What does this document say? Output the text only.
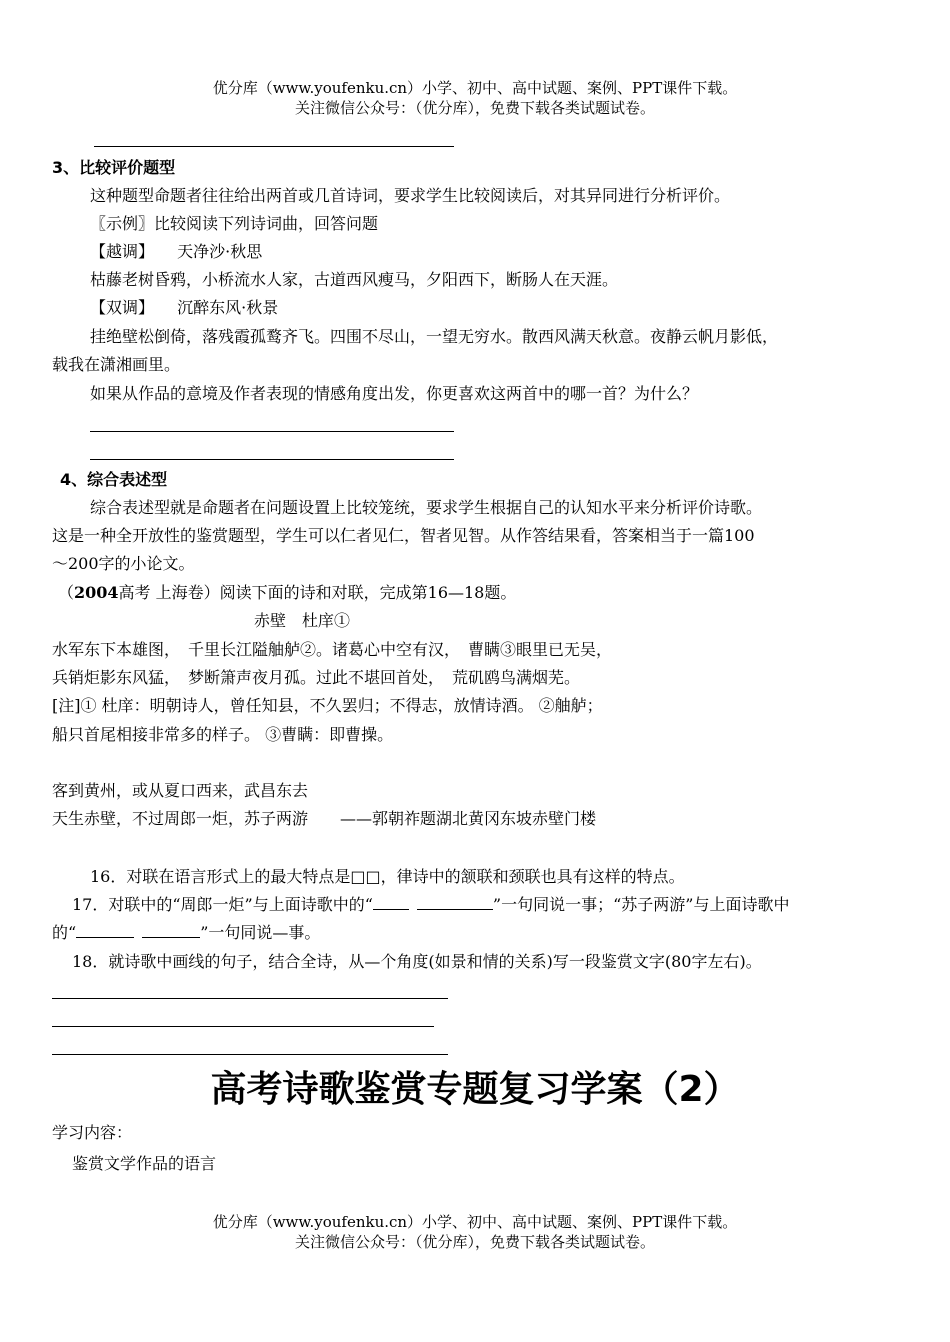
优分库（www.youfenku.cn）小学、初中、高中试题、案例、PPT课件下载。
关注微信公众号：（优分库），免费下载各类试题试卷。
3、比较评价题型
这种题型命题者往往给出两首或几首诗词，要求学生比较阅读后，对其异同进行分析评价。
〖示例〗比较阅读下列诗词曲，回答问题
【越调】 天净沙·秋思
枯藤老树昏鸦，小桥流水人家，古道西风瘦马，夕阳西下，断肠人在天涯。
【双调】 沉醉东风·秋景
挂绝壁松倒倚，落残霞孤鹜齐飞。四围不尽山，一望无穷水。散西风满天秋意。夜静云帆月影低，
载我在潇湘画里。
如果从作品的意境及作者表现的情感角度出发，你更喜欢这两首中的哪一首？为什么？
4、综合表述型
综合表述型就是命题者在问题设置上比较笼统，要求学生根据自己的认知水平来分析评价诗歌。
这是一种全开放性的鉴赏题型，学生可以仁者见仁，智者见智。从作答结果看，答案相当于一篇100
～200字的小论文。
（2004高考 上海卷）阅读下面的诗和对联，完成第16—18题。
赤壁　杜庠①
水军东下本雄图，　千里长江隘舳舻②。诸葛心中空有汉，　曹瞒③眼里已无吴，
兵销炬影东风猛，　梦断箫声夜月孤。过此不堪回首处，　荒矶鸥鸟满烟芜。
[注]① 杜庠：明朝诗人，曾任知县，不久罢归；不得志，放情诗酒。 ②舳舻；
船只首尾相接非常多的样子。 ③曹瞒：即曹操。
客到黄州，或从夏口西来，武昌东去
天生赤壁，不过周郎一炬，苏子两游　　——郭朝祚题湖北黄冈东坡赤壁门楼
16．对联在语言形式上的最大特点是□□，律诗中的颔联和颈联也具有这样的特点。
17．对联中的“周郎一炬”与上面诗歌中的“	”一句同说一事；“苏子两游”与上面诗歌中
的“	”一句同说—事。
18．就诗歌中画线的句子，结合全诗，从—个角度(如景和情的关系)写一段鉴赏文字(80字左右)。
高考诗歌鉴赏专题复习学案（2）
学习内容：
鉴赏文学作品的语言
优分库（www.youfenku.cn）小学、初中、高中试题、案例、PPT课件下载。
关注微信公众号：（优分库），免费下载各类试题试卷。
